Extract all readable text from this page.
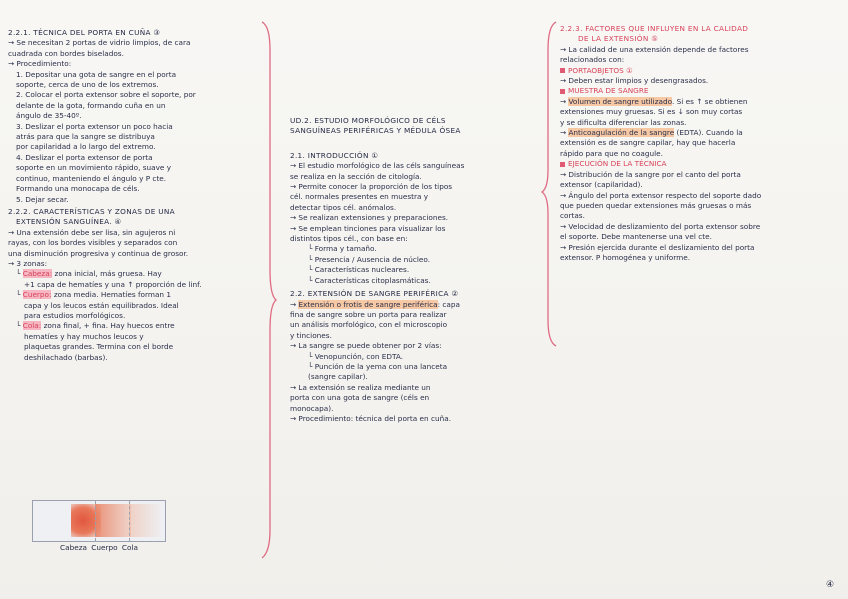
2.2.1. TÉCNICA DEL PORTA EN CUÑA ③

→ Se necesitan 2 portas de vidrio limpios, de cara

cuadrada con bordes biselados.

→ Procedimiento:

1. Depositar una gota de sangre en el porta

soporte, cerca de uno de los extremos.

2. Colocar el porta extensor sobre el soporte, por

delante de la gota, formando cuña en un

ángulo de 35-40º.

3. Deslizar el porta extensor un poco hacia

atrás para que la sangre se distribuya

por capilaridad a lo largo del extremo.

4. Deslizar el porta extensor de porta

soporte en un movimiento rápido, suave y

continuo, manteniendo el ángulo y P cte.

Formando una monocapa de céls.

5. Dejar secar.

2.2.2. CARACTERÍSTICAS Y ZONAS DE UNA

EXTENSIÓN SANGUÍNEA. ④

→ Una extensión debe ser lisa, sin agujeros ni

rayas, con los bordes visibles y separados con

una disminución progresiva y continua de grosor.

→ 3 zonas:

└ Cabeza: zona inicial, más gruesa. Hay

+1 capa de hematíes y una ↑ proporción de linf.

└ Cuerpo: zona media. Hematíes forman 1

capa y los leucos están equilibrados. Ideal

para estudios morfológicos.

└ Cola: zona final, + fina. Hay huecos entre

hematíes y hay muchos leucos y

plaquetas grandes. Termina con el borde

deshilachado (barbas).

Cabeza Cuerpo Cola

UD.2. ESTUDIO MORFOLÓGICO DE CÉLS

SANGUÍNEAS PERIFÉRICAS Y MÉDULA ÓSEA

2.1. INTRODUCCIÓN ①

→ El estudio morfológico de las céls sanguíneas

se realiza en la sección de citología.

→ Permite conocer la proporción de los tipos

cél. normales presentes en muestra y

detectar tipos cél. anómalos.

→ Se realizan extensiones y preparaciones.

→ Se emplean tinciones para visualizar los

distintos tipos cél., con base en:

└ Forma y tamaño.

└ Presencia / Ausencia de núcleo.

└ Características nucleares.

└ Características citoplasmáticas.

2.2. EXTENSIÓN DE SANGRE PERIFÉRICA ②

→ Extensión o frotis de sangre periférica: capa

fina de sangre sobre un porta para realizar

un análisis morfológico, con el microscopio

y tinciones.

→ La sangre se puede obtener por 2 vías:

└ Venopunción, con EDTA.

└ Punción de la yema con una lanceta

(sangre capilar).

→ La extensión se realiza mediante un

porta con una gota de sangre (céls en

monocapa).

→ Procedimiento: técnica del porta en cuña.

2.2.3. FACTORES QUE INFLUYEN EN LA CALIDAD

DE LA EXTENSIÓN ⑤

→ La calidad de una extensión depende de factores

relacionados con:

PORTAOBJETOS ①

→ Deben estar limpios y desengrasados.

MUESTRA DE SANGRE

→ Volumen de sangre utilizado. Si es ↑ se obtienen

extensiones muy gruesas. Si es ↓ son muy cortas

y se dificulta diferenciar las zonas.

→ Anticoagulación de la sangre (EDTA). Cuando la

extensión es de sangre capilar, hay que hacerla

rápido para que no coagule.

EJECUCIÓN DE LA TÉCNICA

→ Distribución de la sangre por el canto del porta

extensor (capilaridad).

→ Ángulo del porta extensor respecto del soporte dado

que pueden quedar extensiones más gruesas o más

cortas.

→ Velocidad de deslizamiento del porta extensor sobre

el soporte. Debe mantenerse una vel cte.

→ Presión ejercida durante el deslizamiento del porta

extensor. P homogénea y uniforme.

④
